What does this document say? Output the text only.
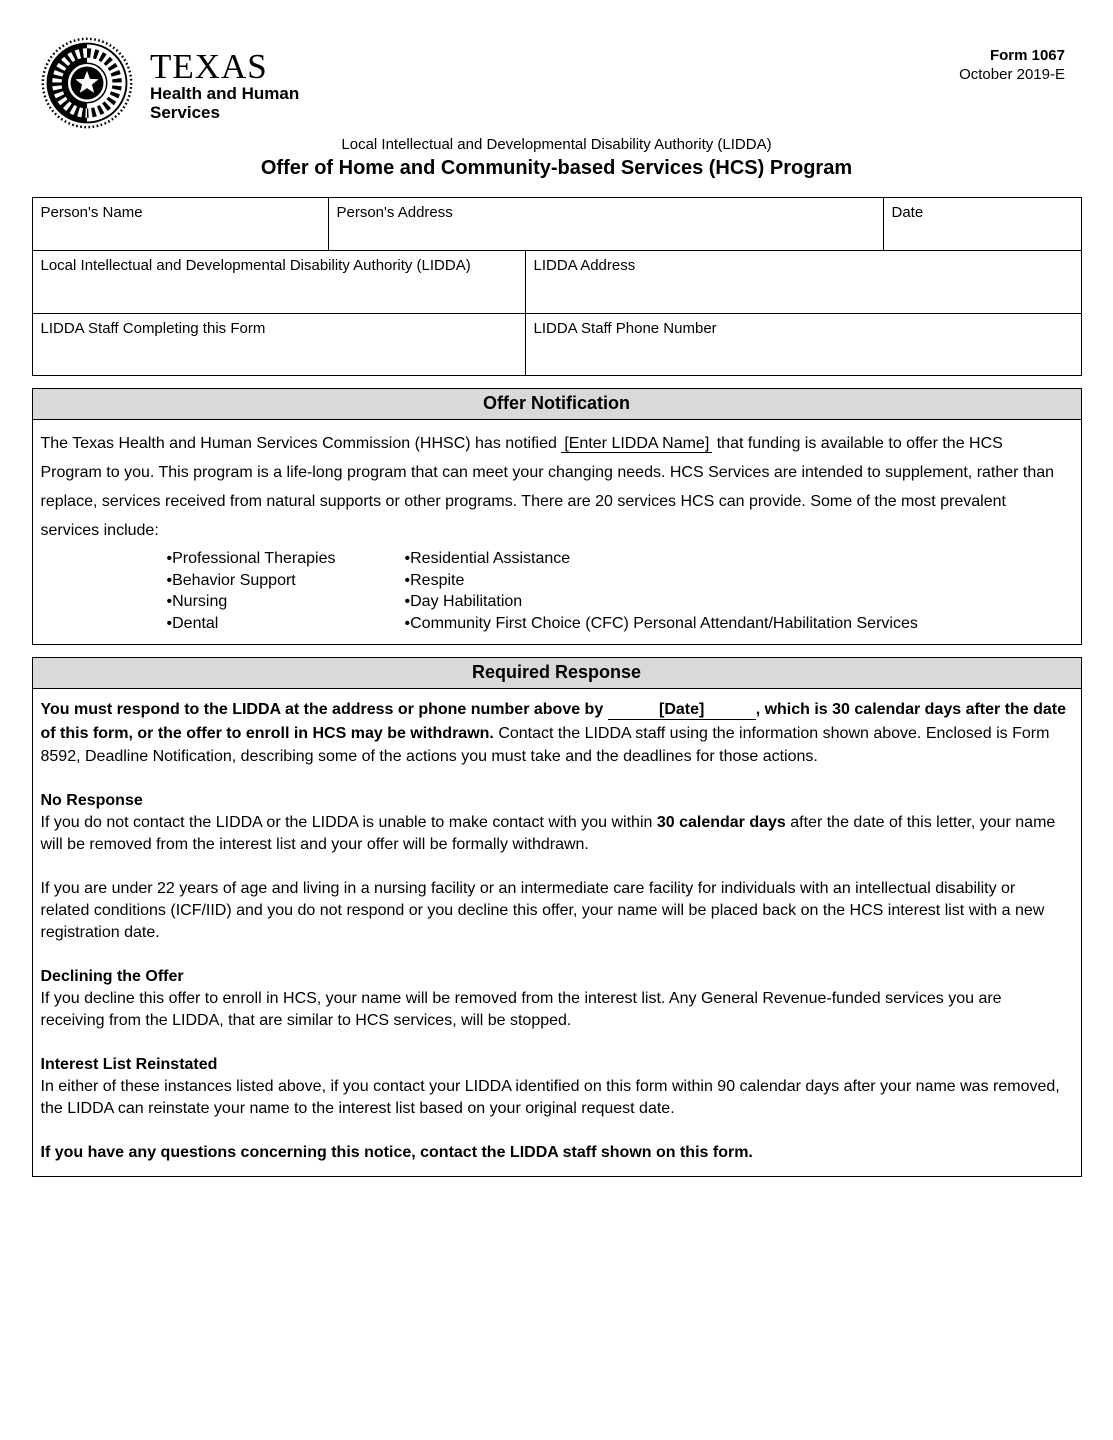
TEXAS
Health and Human
Services
Form 1067
October 2019-E
Local Intellectual and Developmental Disability Authority (LIDDA)
Offer of Home and Community-based Services (HCS) Program
Person's Name	Person's Address	Date
Local Intellectual and Developmental Disability Authority (LIDDA)	LIDDA Address
LIDDA Staff Completing this Form	LIDDA Staff Phone Number
Offer Notification

The Texas Health and Human Services Commission (HHSC) has notified [Enter LIDDA Name] that funding is available to offer the HCS Program to you. This program is a life-long program that can meet your changing needs. HCS Services are intended to supplement, rather than replace, services received from natural supports or other programs. There are 20 services HCS can provide. Some of the most prevalent services include:

• Professional Therapies
• Behavior Support
• Nursing
• Dental
• Residential Assistance
• Respite
• Day Habilitation
• Community First Choice (CFC) Personal Attendant/Habilitation Services
Required Response

You must respond to the LIDDA at the address or phone number above by	[Date]	, which is 30 calendar days after the date of this form, or the offer to enroll in HCS may be withdrawn. Contact the LIDDA staff using the information shown above. Enclosed is Form 8592, Deadline Notification, describing some of the actions you must take and the deadlines for those actions.

No Response

If you do not contact the LIDDA or the LIDDA is unable to make contact with you within 30 calendar days after the date of this letter, your name will be removed from the interest list and your offer will be formally withdrawn.

If you are under 22 years of age and living in a nursing facility or an intermediate care facility for individuals with an intellectual disability or related conditions (ICF/IID) and you do not respond or you decline this offer, your name will be placed back on the HCS interest list with a new registration date.

Declining the Offer

If you decline this offer to enroll in HCS, your name will be removed from the interest list. Any General Revenue-funded services you are receiving from the LIDDA, that are similar to HCS services, will be stopped.

Interest List Reinstated

In either of these instances listed above, if you contact your LIDDA identified on this form within 90 calendar days after your name was removed, the LIDDA can reinstate your name to the interest list based on your original request date.

If you have any questions concerning this notice, contact the LIDDA staff shown on this form.
